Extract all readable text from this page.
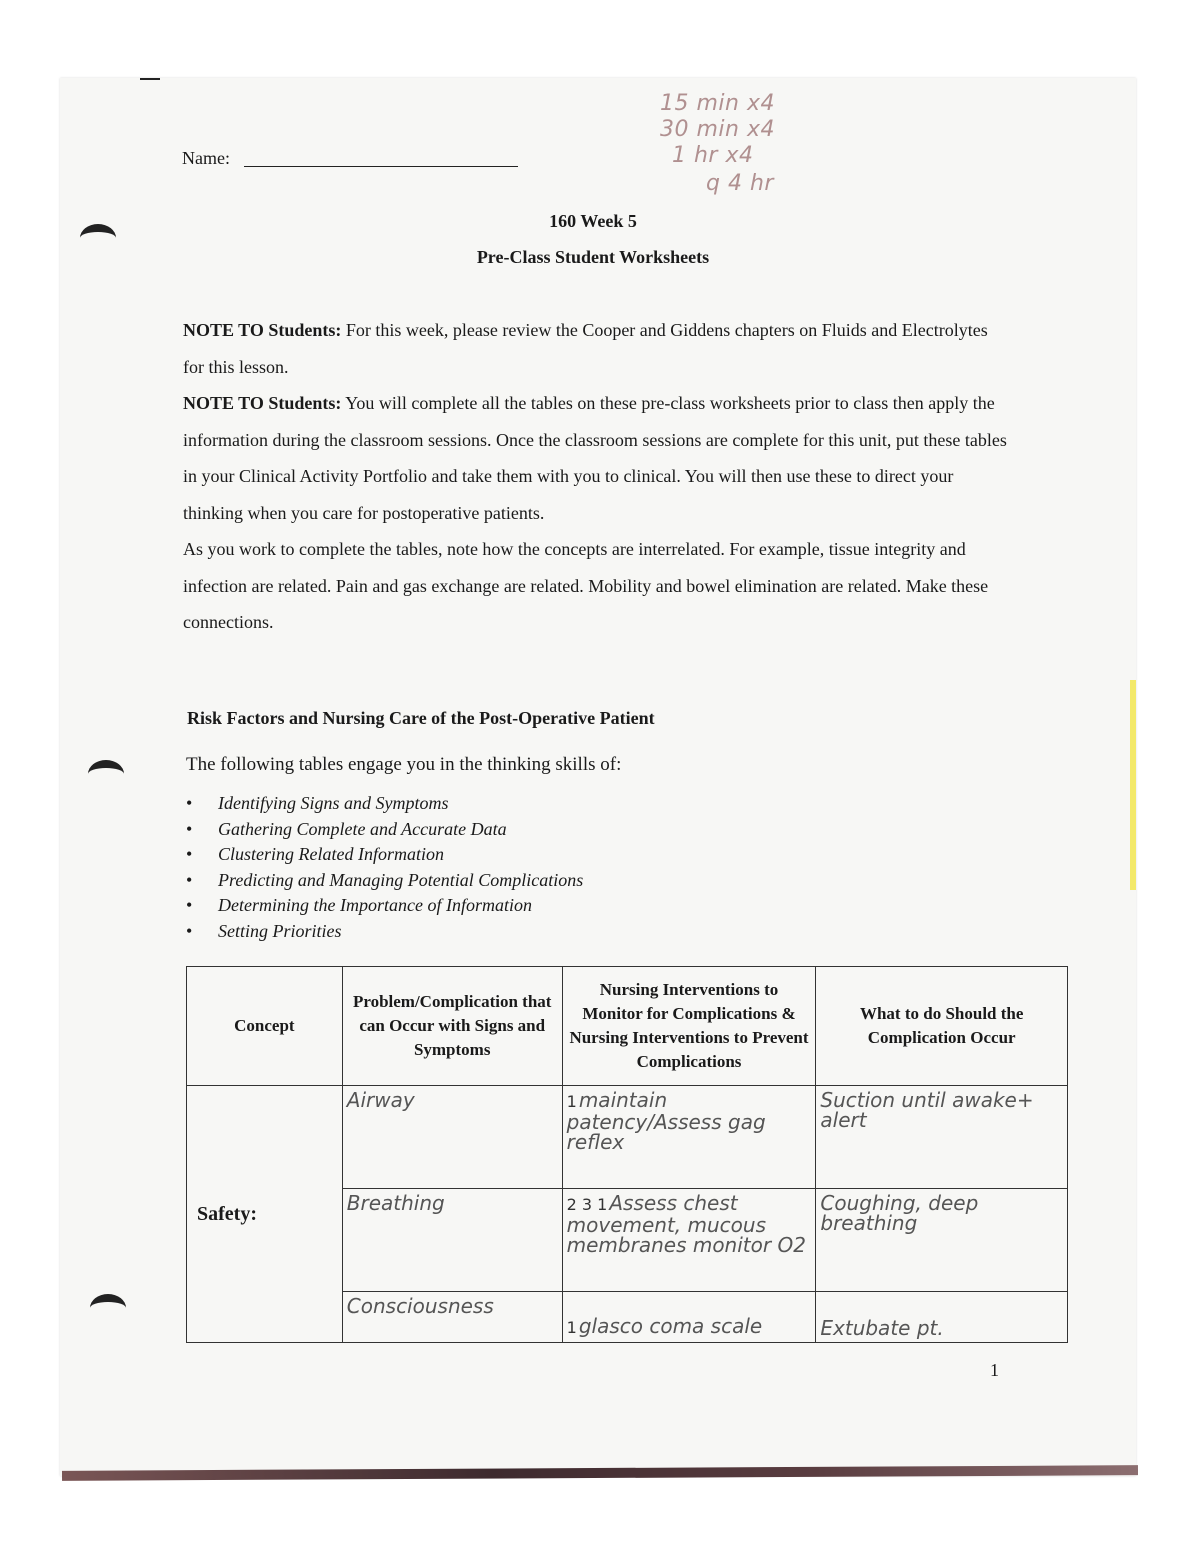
Name:
15 min x4
30 min x4
1 hr x4
q 4 hr
160 Week 5
Pre-Class Student Worksheets

NOTE TO Students: For this week, please review the Cooper and Giddens chapters on Fluids and Electrolytes for this lesson.

NOTE TO Students: You will complete all the tables on these pre-class worksheets prior to class then apply the information during the classroom sessions. Once the classroom sessions are complete for this unit, put these tables in your Clinical Activity Portfolio and take them with you to clinical. You will then use these to direct your thinking when you care for postoperative patients.

As you work to complete the tables, note how the concepts are interrelated. For example, tissue integrity and infection are related. Pain and gas exchange are related. Mobility and bowel elimination are related. Make these connections.

Risk Factors and Nursing Care of the Post-Operative Patient
The following tables engage you in the thinking skills of:
• Identifying Signs and Symptoms
• Gathering Complete and Accurate Data
• Clustering Related Information
• Predicting and Managing Potential Complications
• Determining the Importance of Information
• Setting Priorities
Concept	Problem/Complication that can Occur with Signs and Symptoms	Nursing Interventions to Monitor for Complications & Nursing Interventions to Prevent Complications	What to do Should the Complication Occur
Safety:	Airway	1 maintain patency/Assess gag reflex	Suction until awake+ alert
	Breathing	2 3 1 Assess chest movement, mucous membranes monitor O2	Coughing, deep breathing
	Consciousness	1 glasco coma scale	Extubate pt.
1
